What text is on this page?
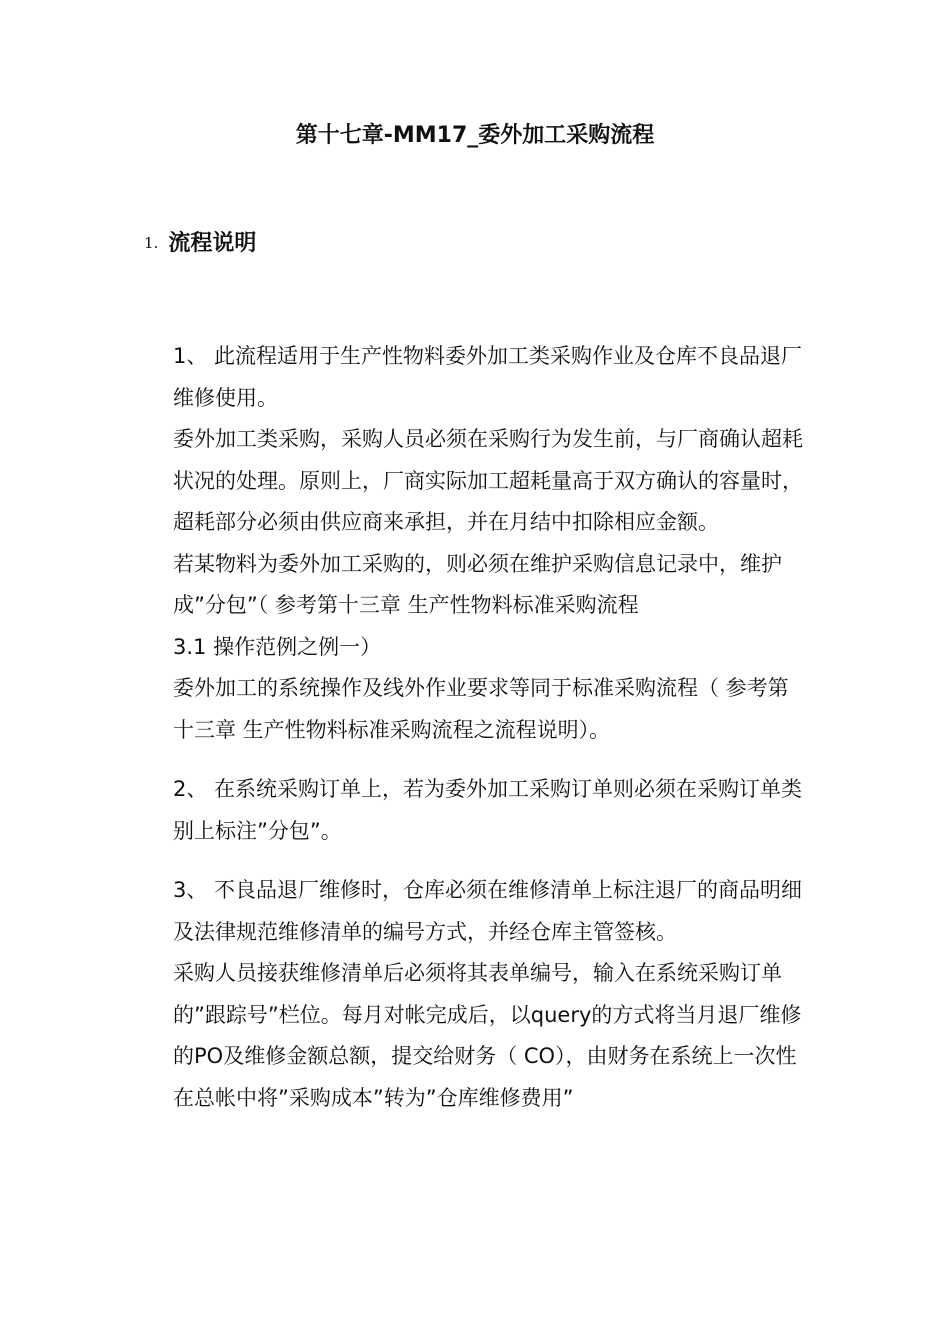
第十七章-MM17_委外加工采购流程
1. 流程说明

1、 此流程适用于生产性物料委外加工类采购作业及仓库不良品退厂维修使用。

委外加工类采购，采购人员必须在采购行为发生前，与厂商确认超耗状况的处理。原则上，厂商实际加工超耗量高于双方确认的容量时，超耗部分必须由供应商来承担，并在月结中扣除相应金额。

若某物料为委外加工采购的，则必须在维护采购信息记录中，维护成”分包”（ 参考第十三章 生产性物料标准采购流程

3.1 操作范例之例一）

委外加工的系统操作及线外作业要求等同于标准采购流程（ 参考第十三章 生产性物料标准采购流程之流程说明）。

2、 在系统采购订单上，若为委外加工采购订单则必须在采购订单类别上标注”分包”。

3、 不良品退厂维修时，仓库必须在维修清单上标注退厂的商品明细及法律规范维修清单的编号方式，并经仓库主管签核。

采购人员接获维修清单后必须将其表单编号，输入在系统采购订单的”跟踪号”栏位。每月对帐完成后，以query的方式将当月退厂维修的PO及维修金额总额，提交给财务（ CO），由财务在系统上一次性在总帐中将”采购成本”转为”仓库维修费用”
